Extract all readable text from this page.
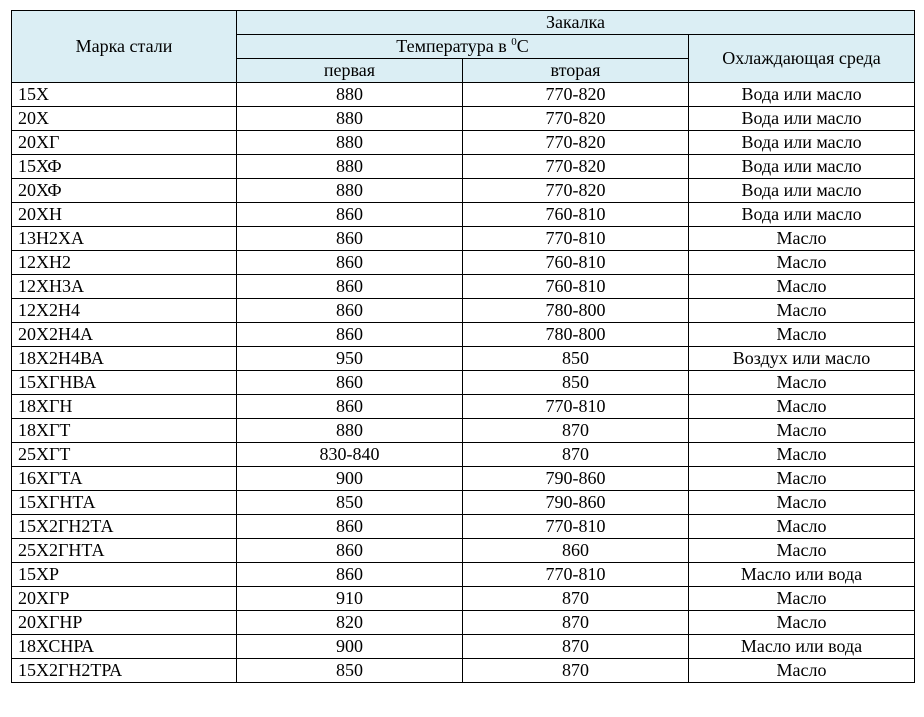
Марка стали	Закалка		
	Температура в $^0$С		Охлаждающая среда
	первая	вторая	
15Х	880	770-820	Вода или масло
20Х	880	770-820	Вода или масло
20ХГ	880	770-820	Вода или масло
15ХФ	880	770-820	Вода или масло
20ХФ	880	770-820	Вода или масло
20ХН	860	760-810	Вода или масло
13Н2ХА	860	770-810	Масло
12ХН2	860	760-810	Масло
12ХН3А	860	760-810	Масло
12Х2Н4	860	780-800	Масло
20Х2Н4А	860	780-800	Масло
18Х2Н4ВА	950	850	Воздух или масло
15ХГНВА	860	850	Масло
18ХГН	860	770-810	Масло
18ХГТ	880	870	Масло
25ХГТ	830-840	870	Масло
16ХГТА	900	790-860	Масло
15ХГНТА	850	790-860	Масло
15Х2ГН2ТА	860	770-810	Масло
25Х2ГНТА	860	860	Масло
15ХР	860	770-810	Масло или вода
20ХГР	910	870	Масло
20ХГНР	820	870	Масло
18ХСНРА	900	870	Масло или вода
15Х2ГН2ТРА	850	870	Масло
